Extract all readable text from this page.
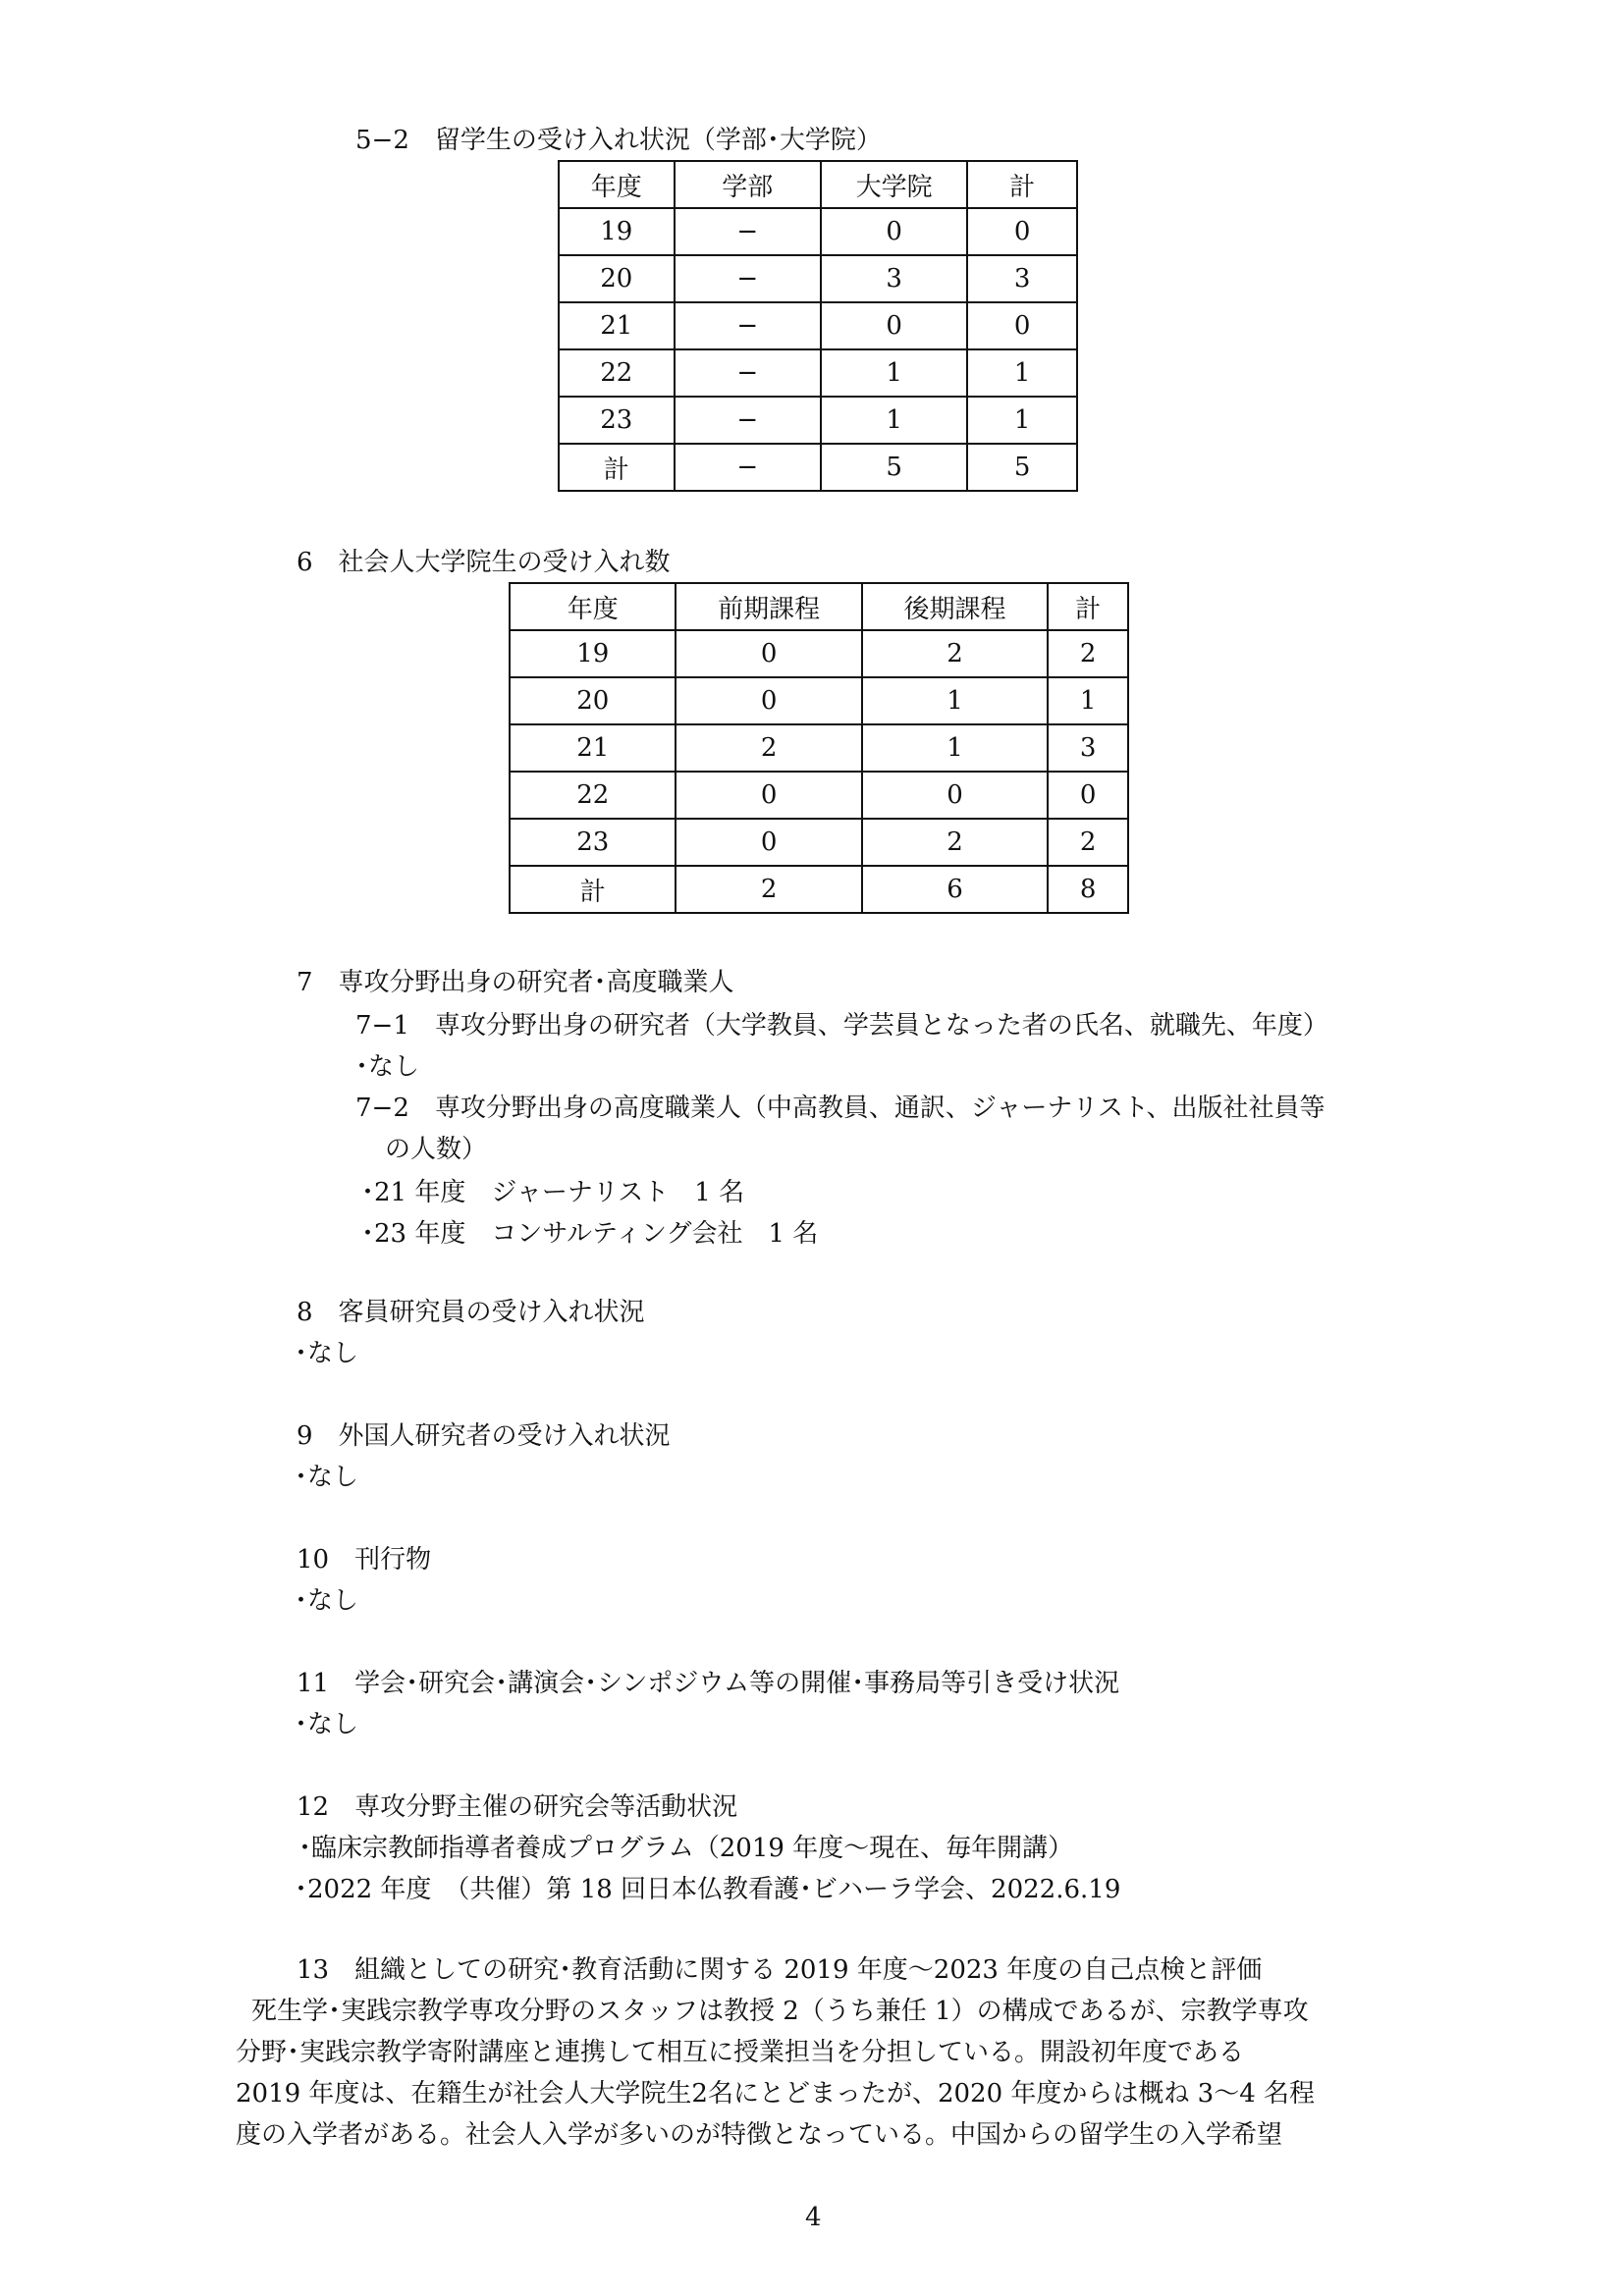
5−2　留学生の受け入れ状況（学部･大学院）
年度	学部	大学院	計
19	−	0	0
20	−	3	3
21	−	0	0
22	−	1	1
23	−	1	1
計	−	5	5
6　社会人大学院生の受け入れ数
年度	前期課程	後期課程	計
19	0	2	2
20	0	1	1
21	2	1	3
22	0	0	0
23	0	2	2
計	2	6	8
7　専攻分野出身の研究者･高度職業人
7−1　専攻分野出身の研究者（大学教員、学芸員となった者の氏名、就職先、年度）
･なし
7−2　専攻分野出身の高度職業人（中高教員、通訳、ジャーナリスト、出版社社員等
の人数）
･21 年度　ジャーナリスト　1 名
･23 年度　コンサルティング会社　1 名
8　客員研究員の受け入れ状況
･なし
9　外国人研究者の受け入れ状況
･なし
10　刊行物
･なし
11　学会･研究会･講演会･シンポジウム等の開催･事務局等引き受け状況
･なし
12　専攻分野主催の研究会等活動状況
･臨床宗教師指導者養成プログラム（2019 年度～現在、毎年開講）
･2022 年度　（共催）第 18 回日本仏教看護･ビハーラ学会、2022.6.19
13　組織としての研究･教育活動に関する 2019 年度～2023 年度の自己点検と評価
死生学･実践宗教学専攻分野のスタッフは教授 2（うち兼任 1）の構成であるが、宗教学専攻
分野･実践宗教学寄附講座と連携して相互に授業担当を分担している。開設初年度である
2019 年度は、在籍生が社会人大学院生2名にとどまったが、2020 年度からは概ね 3～4 名程
度の入学者がある。社会人入学が多いのが特徴となっている。中国からの留学生の入学希望
4
